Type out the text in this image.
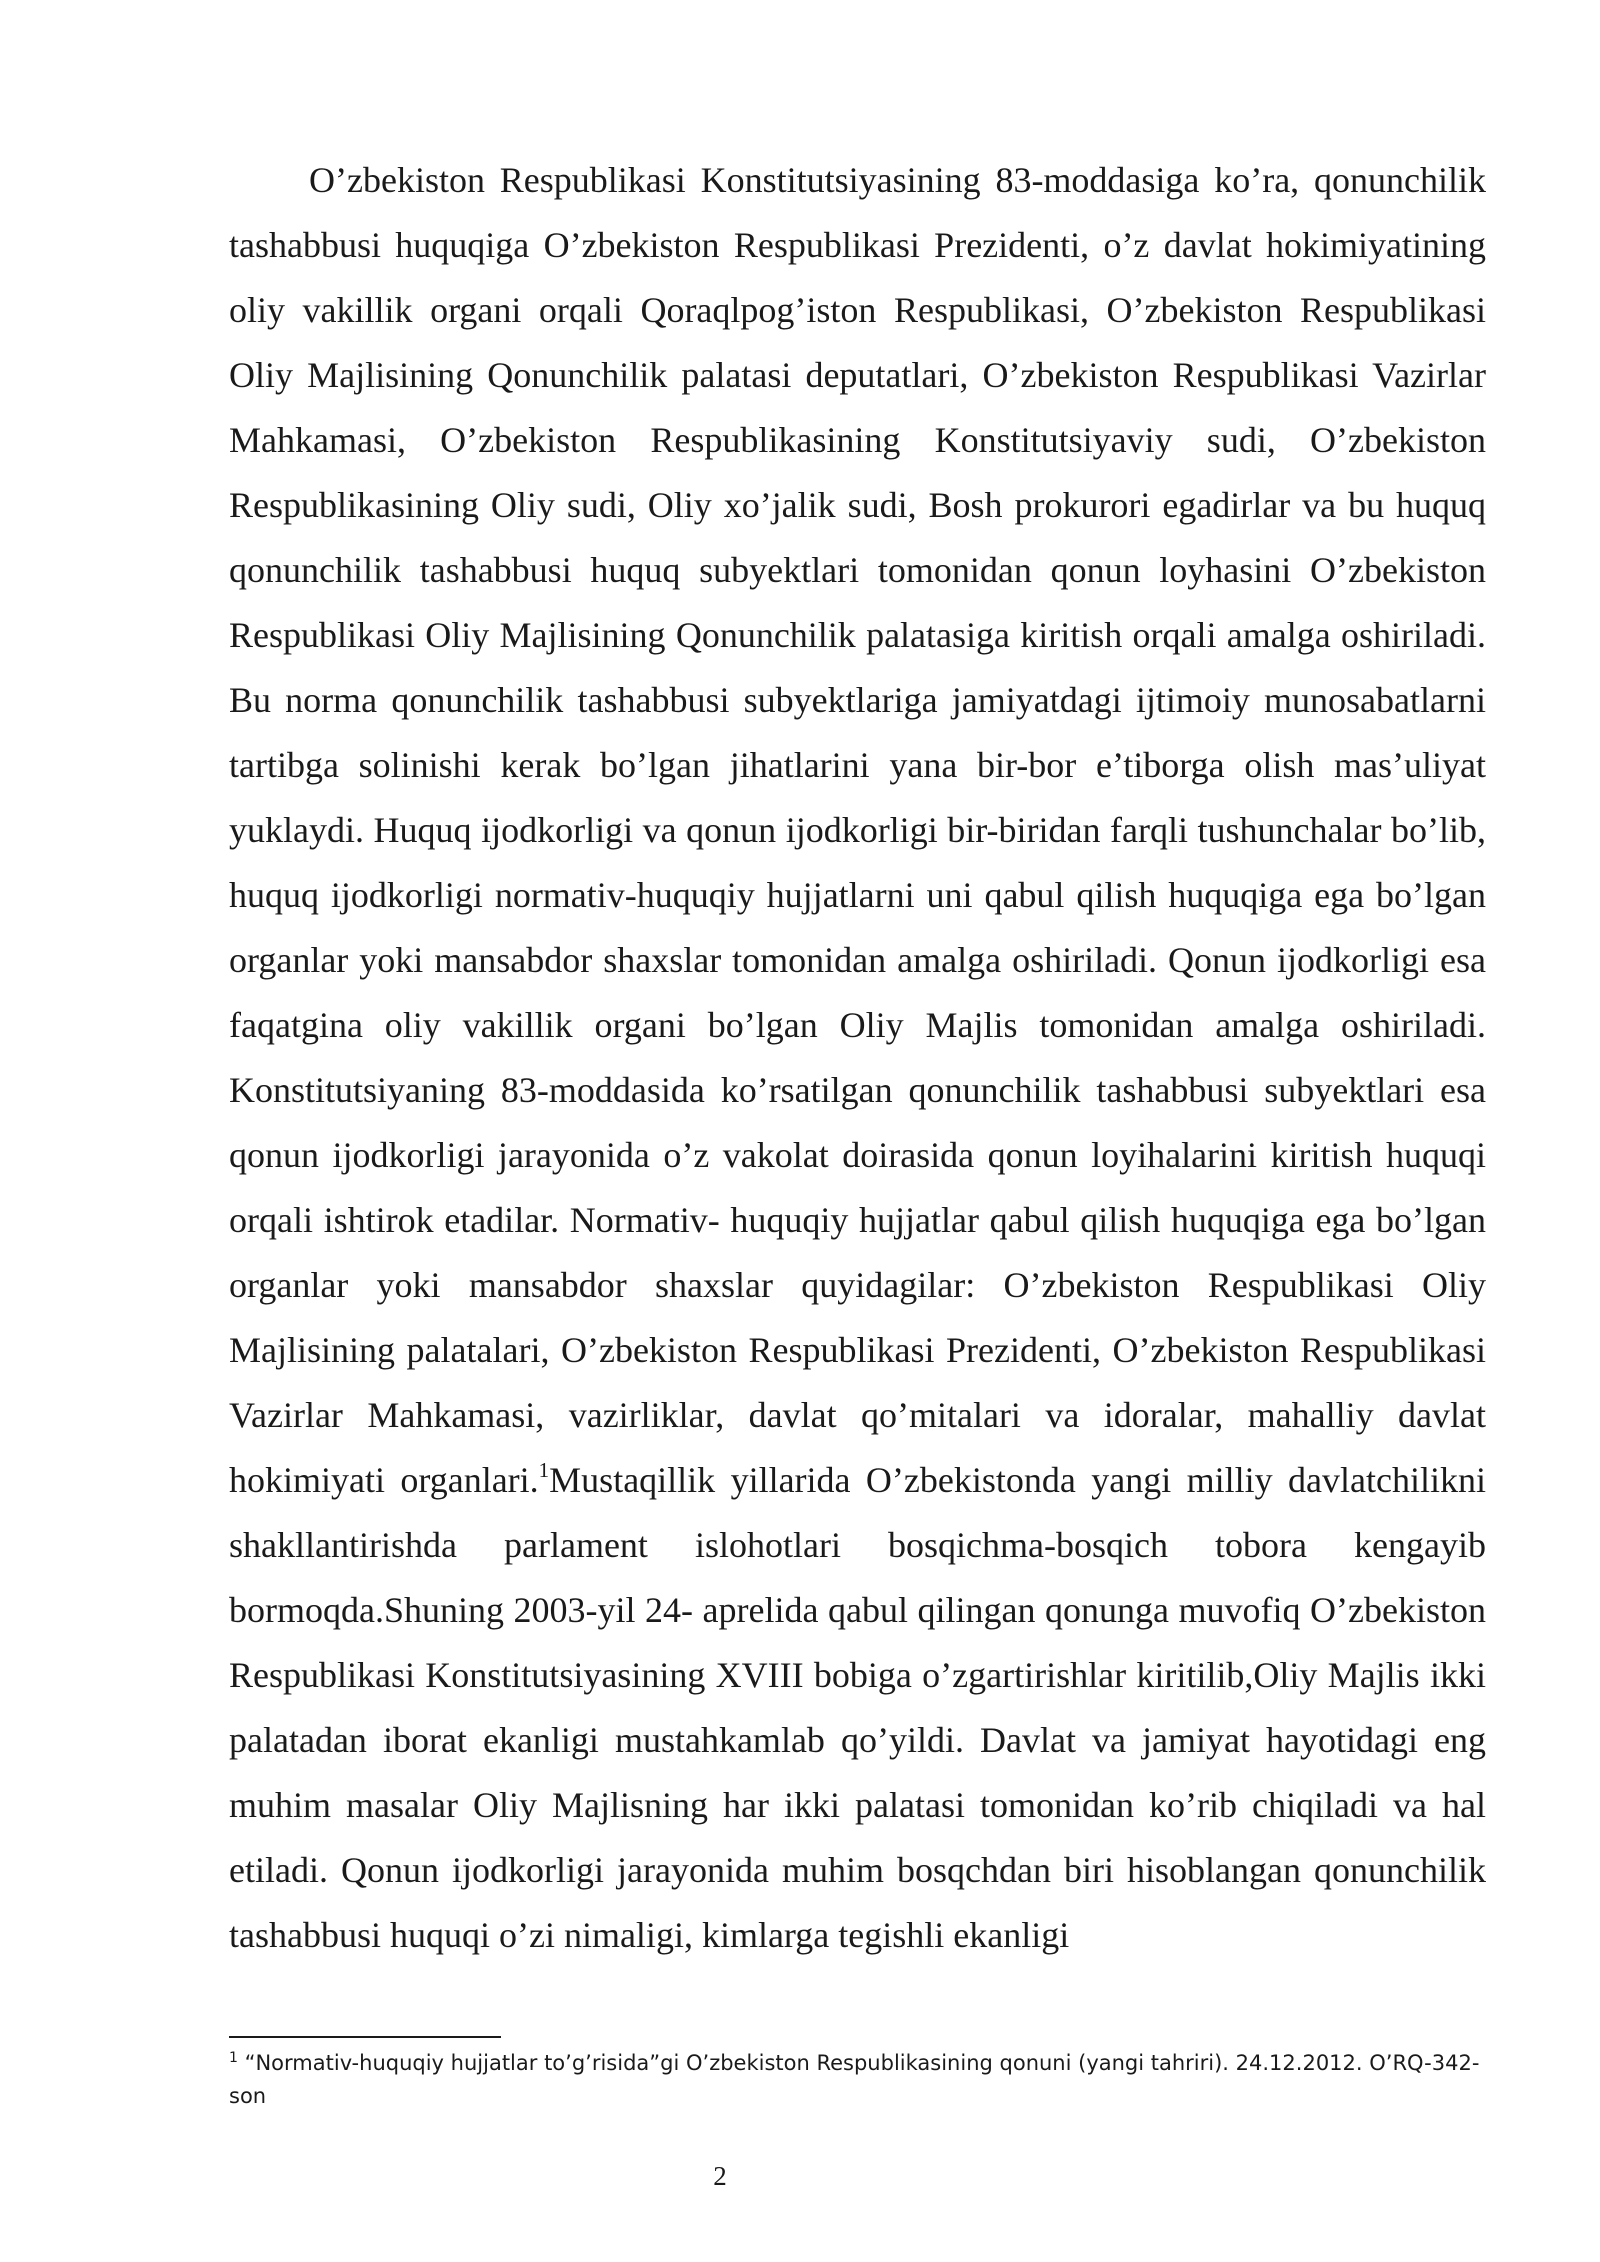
O’zbekiston Respublikasi Konstitutsiyasining 83-moddasiga ko’ra, qonunchilik tashabbusi huquqiga O’zbekiston Respublikasi Prezidenti, o’z davlat hokimiyatining oliy vakillik organi orqali Qoraqlpog’iston Respublikasi, O’zbekiston Respublikasi Oliy Majlisining Qonunchilik palatasi deputatlari, O’zbekiston Respublikasi Vazirlar Mahkamasi, O’zbekiston Respublikasining Konstitutsiyaviy sudi, O’zbekiston Respublikasining Oliy sudi, Oliy xo’jalik sudi, Bosh prokurori egadirlar va bu huquq qonunchilik tashabbusi huquq subyektlari tomonidan qonun loyhasini O’zbekiston Respublikasi Oliy Majlisining Qonunchilik palatasiga kiritish orqali amalga oshiriladi. Bu norma qonunchilik tashabbusi subyektlariga jamiyatdagi ijtimoiy munosabatlarni tartibga solinishi kerak bo’lgan jihatlarini yana bir-bor e’tiborga olish mas’uliyat yuklaydi. Huquq ijodkorligi va qonun ijodkorligi bir-biridan farqli tushunchalar bo’lib, huquq ijodkorligi normativ-huquqiy hujjatlarni uni qabul qilish huquqiga ega bo’lgan organlar yoki mansabdor shaxslar tomonidan amalga oshiriladi. Qonun ijodkorligi esa faqatgina oliy vakillik organi bo’lgan Oliy Majlis tomonidan amalga oshiriladi. Konstitutsiyaning 83-moddasida ko’rsatilgan qonunchilik tashabbusi subyektlari esa qonun ijodkorligi jarayonida o’z vakolat doirasida qonun loyihalarini kiritish huquqi orqali ishtirok etadilar. Normativ- huquqiy hujjatlar qabul qilish huquqiga ega bo’lgan organlar yoki mansabdor shaxslar quyidagilar: O’zbekiston Respublikasi Oliy Majlisining palatalari, O’zbekiston Respublikasi Prezidenti, O’zbekiston Respublikasi Vazirlar Mahkamasi, vazirliklar, davlat qo’mitalari va idoralar, mahalliy davlat hokimiyati organlari.$^1$Mustaqillik yillarida O’zbekistonda yangi milliy davlatchilikni shakllantirishda parlament islohotlari bosqichma-bosqich tobora kengayib bormoqda.Shuning 2003-yil 24- aprelida qabul qilingan qonunga muvofiq O’zbekiston Respublikasi Konstitutsiyasining XVIII bobiga o’zgartirishlar kiritilib,Oliy Majlis ikki palatadan iborat ekanligi mustahkamlab qo’yildi. Davlat va jamiyat hayotidagi eng muhim masalar Oliy Majlisning har ikki palatasi tomonidan ko’rib chiqiladi va hal etiladi. Qonun ijodkorligi jarayonida muhim bosqchdan biri hisoblangan qonunchilik tashabbusi huquqi o’zi nimaligi, kimlarga tegishli ekanligi

$^1$ “Normativ-huquqiy hujjatlar to’g’risida”gi O’zbekiston Respublikasining qonuni (yangi tahriri). 24.12.2012. O’RQ-342-son

2
